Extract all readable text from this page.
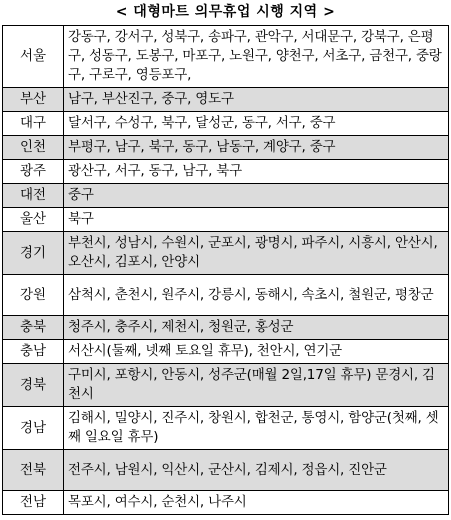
< 대형마트 의무휴업 시행 지역 >
서울	강동구, 강서구, 성북구, 송파구, 관악구, 서대문구, 강북구, 은평구, 성동구, 도봉구, 마포구, 노원구, 양천구, 서초구, 금천구, 중랑구, 구로구, 영등포구,
부산	남구, 부산진구, 중구, 영도구
대구	달서구, 수성구, 북구, 달성군, 동구, 서구, 중구
인천	부평구, 남구, 북구, 동구, 남동구, 계양구, 중구
광주	광산구, 서구, 동구, 남구, 북구
대전	중구
울산	북구
경기	부천시, 성남시, 수원시, 군포시, 광명시, 파주시, 시흥시, 안산시, 오산시, 김포시, 안양시
강원	삼척시, 춘천시, 원주시, 강릉시, 동해시, 속초시, 철원군, 평창군
충북	청주시, 충주시, 제천시, 청원군, 홍성군
충남	서산시(둘째, 넷째 토요일 휴무), 천안시, 연기군
경북	구미시, 포항시, 안동시, 성주군(매월 2일,17일 휴무) 문경시, 김천시
경남	김해시, 밀양시, 진주시, 창원시, 합천군, 통영시, 함양군(첫째, 셋째 일요일 휴무)
전북	전주시, 남원시, 익산시, 군산시, 김제시, 정읍시, 진안군
전남	목포시, 여수시, 순천시, 나주시
